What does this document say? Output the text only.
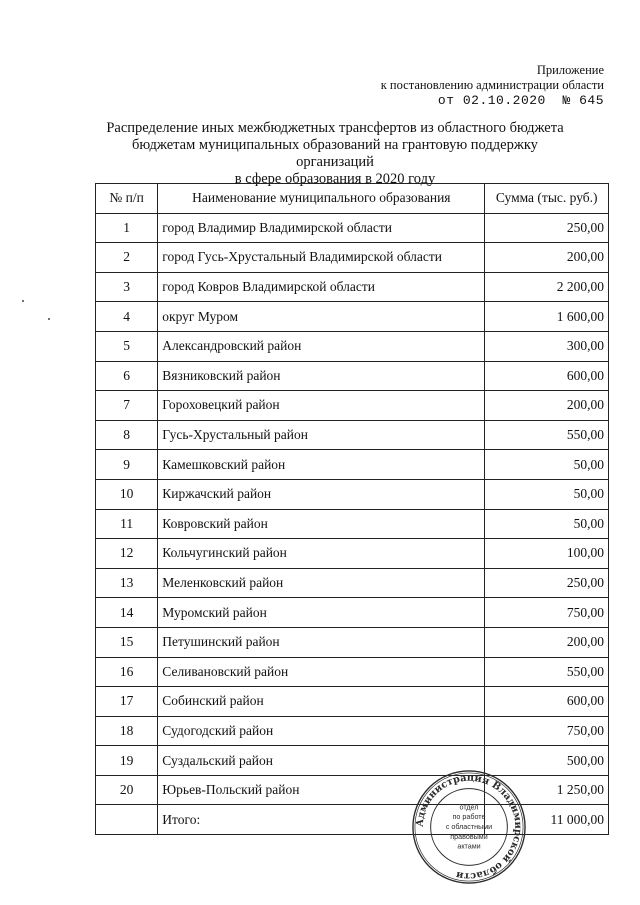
Приложение
к постановлению администрации области
от 02.10.2020 № 645
Распределение иных межбюджетных трансфертов из областного бюджета
бюджетам муниципальных образований на грантовую поддержку организаций
в сфере образования в 2020 году
№ п/п	Наименование муниципального образования	Сумма (тыс. руб.)
1	город Владимир Владимирской области	250,00
2	город Гусь-Хрустальный Владимирской области	200,00
3	город Ковров Владимирской области	2 200,00
4	округ Муром	1 600,00
5	Александровский район	300,00
6	Вязниковский район	600,00
7	Гороховецкий район	200,00
8	Гусь-Хрустальный район	550,00
9	Камешковский район	50,00
10	Киржачский район	50,00
11	Ковровский район	50,00
12	Кольчугинский район	100,00
13	Меленковский район	250,00
14	Муромский район	750,00
15	Петушинский район	200,00
16	Селивановский район	550,00
17	Собинский район	600,00
18	Судогодский район	750,00
19	Суздальский район	500,00
20	Юрьев-Польский район	1 250,00
	Итого:	11 000,00
Администрация Владимирской области
отдел
по работе
с областными
правовыми
актами
